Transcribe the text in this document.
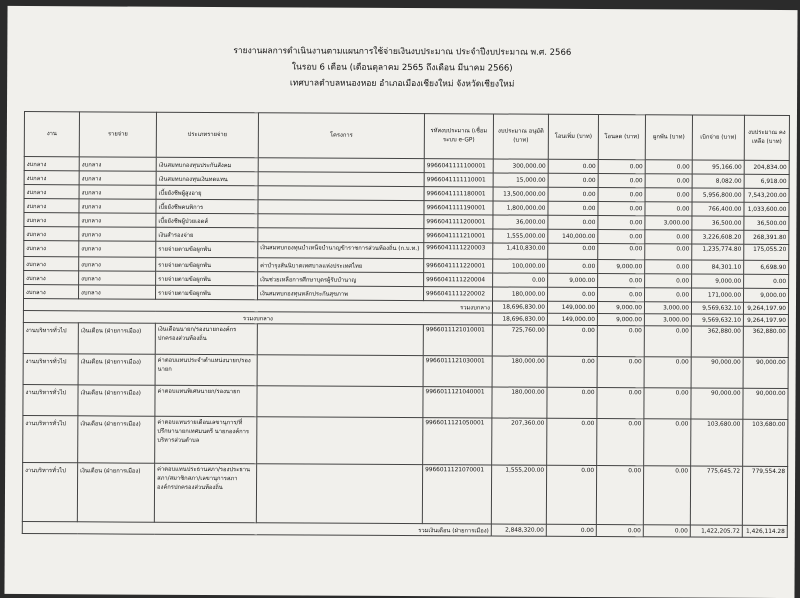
รายงานผลการดำเนินงานตามแผนการใช้จ่ายเงินงบประมาณ ประจำปีงบประมาณ พ.ศ. 2566
ในรอบ 6 เดือน (เดือนตุลาคม 2565 ถึงเดือน มีนาคม 2566)
เทศบาลตำบลหนองหอย อำเภอเมืองเชียงใหม่ จังหวัดเชียงใหม่
งาน	รายจ่าย	ประเภทรายจ่าย	โครงการ	รหัสงบประมาณ (เชื่อมระบบ e-GP)	งบประมาณ อนุมัติ (บาท)	โอนเพิ่ม (บาท)	โอนลด (บาท)	ผูกพัน (บาท)	เบิกจ่าย (บาท)	งบประมาณ คงเหลือ (บาท)
งบกลาง	งบกลาง	เงินสมทบกองทุนประกันสังคม		9966041111100001	300,000.00	0.00	0.00	0.00	95,166.00	204,834.00
งบกลาง	งบกลาง	เงินสมทบกองทุนเงินทดแทน		9966041111110001	15,000.00	0.00	0.00	0.00	8,082.00	6,918.00
งบกลาง	งบกลาง	เบี้ยยังชีพผู้สูงอายุ		9966041111180001	13,500,000.00	0.00	0.00	0.00	5,956,800.00	7,543,200.00
งบกลาง	งบกลาง	เบี้ยยังชีพคนพิการ		9966041111190001	1,800,000.00	0.00	0.00	0.00	766,400.00	1,033,600.00
งบกลาง	งบกลาง	เบี้ยยังชีพผู้ป่วยเอดส์		9966041111200001	36,000.00	0.00	0.00	3,000.00	36,500.00	36,500.00
งบกลาง	งบกลาง	เงินสำรองจ่าย		9966041111210001	1,555,000.00	140,000.00	0.00	0.00	3,226,608.20	268,391.80
งบกลาง	งบกลาง	รายจ่ายตามข้อผูกพัน	เงินสมทบกองทุนบำเหน็จบำนาญข้าราชการส่วนท้องถิ่น (ก.บ.ท.)	9966041111220003	1,410,830.00	0.00	0.00	0.00	1,235,774.80	175,055.20
งบกลาง	งบกลาง	รายจ่ายตามข้อผูกพัน	ค่าบำรุงสันนิบาตเทศบาลแห่งประเทศไทย	9966041111220001	100,000.00	0.00	9,000.00	0.00	84,301.10	6,698.90
งบกลาง	งบกลาง	รายจ่ายตามข้อผูกพัน	เงินช่วยเหลือการศึกษาบุตรผู้รับบำนาญ	9966041111220004	0.00	9,000.00	0.00	0.00	9,000.00	0.00
งบกลาง	งบกลาง	รายจ่ายตามข้อผูกพัน	เงินสมทบกองทุนหลักประกันสุขภาพ	9966041111220002	180,000.00	0.00	0.00	0.00	171,000.00	9,000.00
รวมงบกลาง					18,696,830.00	149,000.00	9,000.00	3,000.00	9,569,632.10	9,264,197.90
รวมงบกลาง					18,696,830.00	149,000.00	9,000.00	3,000.00	9,569,632.10	9,264,197.90
งานบริหารทั่วไป	เงินเดือน (ฝ่ายการเมือง)	เงินเดือนนายก/รองนายกองค์กรปกครองส่วนท้องถิ่น		9966011121010001	725,760.00	0.00	0.00	0.00	362,880.00	362,880.00
งานบริหารทั่วไป	เงินเดือน (ฝ่ายการเมือง)	ค่าตอบแทนประจำตำแหน่งนายก/รองนายก		9966011121030001	180,000.00	0.00	0.00	0.00	90,000.00	90,000.00
งานบริหารทั่วไป	เงินเดือน (ฝ่ายการเมือง)	ค่าตอบแทนพิเศษนายก/รองนายก		9966011121040001	180,000.00	0.00	0.00	0.00	90,000.00	90,000.00
งานบริหารทั่วไป	เงินเดือน (ฝ่ายการเมือง)	ค่าตอบแทนรายเดือนเลขานุการ/ที่ปรึกษานายกเทศมนตรี นายกองค์การบริหารส่วนตำบล		9966011121050001	207,360.00	0.00	0.00	0.00	103,680.00	103,680.00
งานบริหารทั่วไป	เงินเดือน (ฝ่ายการเมือง)	ค่าตอบแทนประธานสภา/รองประธานสภา/สมาชิกสภา/เลขานุการสภาองค์กรปกครองส่วนท้องถิ่น		9966011121070001	1,555,200.00	0.00	0.00	0.00	775,645.72	779,554.28
รวมเงินเดือน (ฝ่ายการเมือง)					2,848,320.00	0.00	0.00	0.00	1,422,205.72	1,426,114.28
